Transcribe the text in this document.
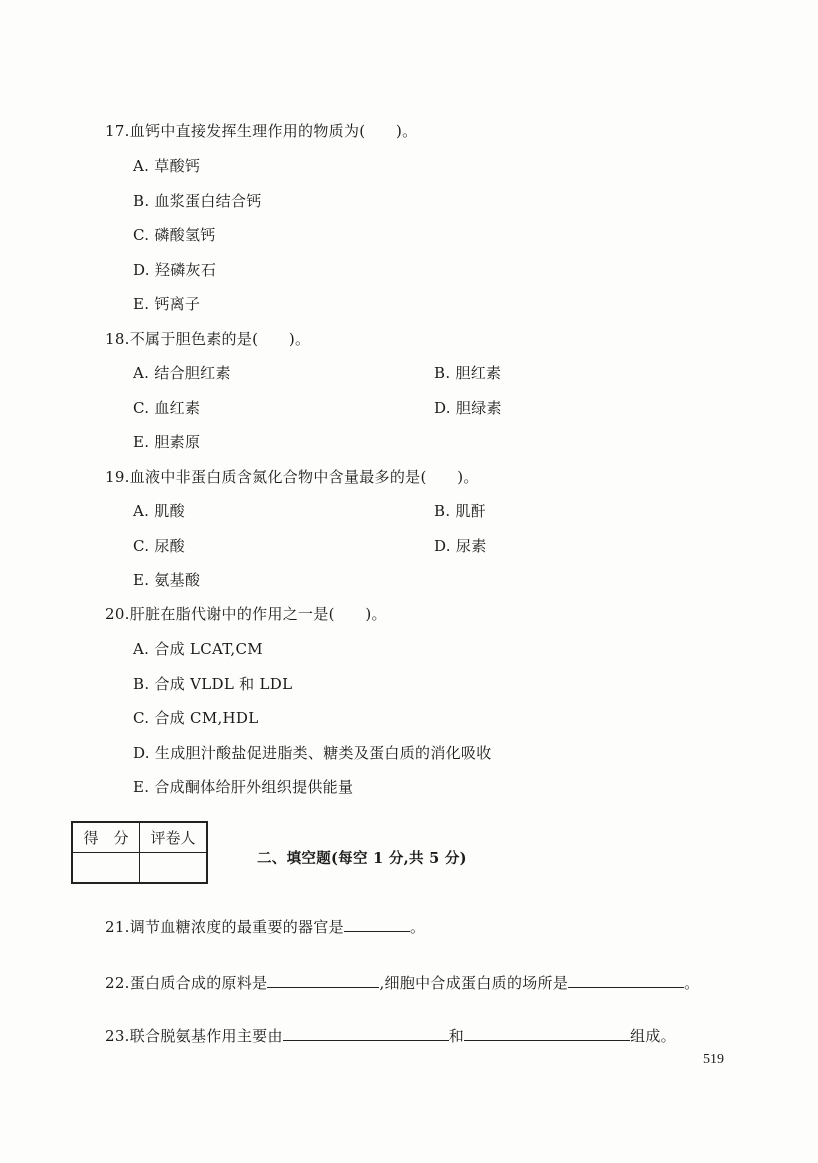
17.血钙中直接发挥生理作用的物质为(　　)。
A. 草酸钙
B. 血浆蛋白结合钙
C. 磷酸氢钙
D. 羟磷灰石
E. 钙离子
18.不属于胆色素的是(　　)。
A. 结合胆红素	B. 胆红素
C. 血红素	D. 胆绿素
E. 胆素原
19.血液中非蛋白质含氮化合物中含量最多的是(　　)。
A. 肌酸	B. 肌酐
C. 尿酸	D. 尿素
E. 氨基酸
20.肝脏在脂代谢中的作用之一是(　　)。
A. 合成 LCAT,CM
B. 合成 VLDL 和 LDL
C. 合成 CM,HDL
D. 生成胆汁酸盐促进脂类、糖类及蛋白质的消化吸收
E. 合成酮体给肝外组织提供能量
得　分	评卷人

二、填空题(每空 1 分,共 5 分)
21.调节血糖浓度的最重要的器官是	。
22.蛋白质合成的原料是	,细胞中合成蛋白质的场所是	。
23.联合脱氨基作用主要由	和	组成。
519
